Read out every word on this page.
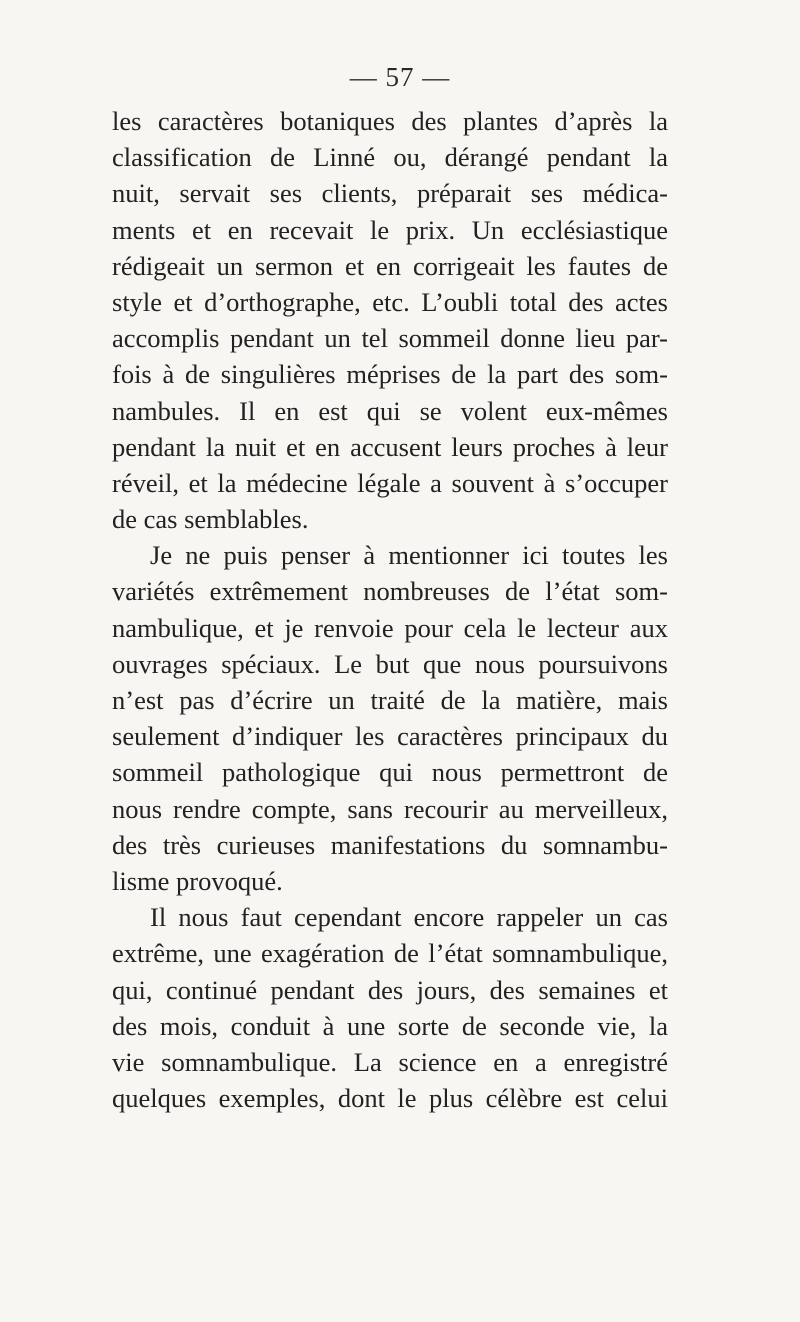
— 57 —
les caractères botaniques des plantes d’après la
classification de Linné ou, dérangé pendant la
nuit, servait ses clients, préparait ses médica-
ments et en recevait le prix. Un ecclésiastique
rédigeait un sermon et en corrigeait les fautes de
style et d’orthographe, etc. L’oubli total des actes
accomplis pendant un tel sommeil donne lieu par-
fois à de singulières méprises de la part des som-
nambules. Il en est qui se volent eux-mêmes
pendant la nuit et en accusent leurs proches à leur
réveil, et la médecine légale a souvent à s’occuper
de cas semblables.
Je ne puis penser à mentionner ici toutes les
variétés extrêmement nombreuses de l’état som-
nambulique, et je renvoie pour cela le lecteur aux
ouvrages spéciaux. Le but que nous poursuivons
n’est pas d’écrire un traité de la matière, mais
seulement d’indiquer les caractères principaux du
sommeil pathologique qui nous permettront de
nous rendre compte, sans recourir au merveilleux,
des très curieuses manifestations du somnambu-
lisme provoqué.
Il nous faut cependant encore rappeler un cas
extrême, une exagération de l’état somnambulique,
qui, continué pendant des jours, des semaines et
des mois, conduit à une sorte de seconde vie, la
vie somnambulique. La science en a enregistré
quelques exemples, dont le plus célèbre est celui
